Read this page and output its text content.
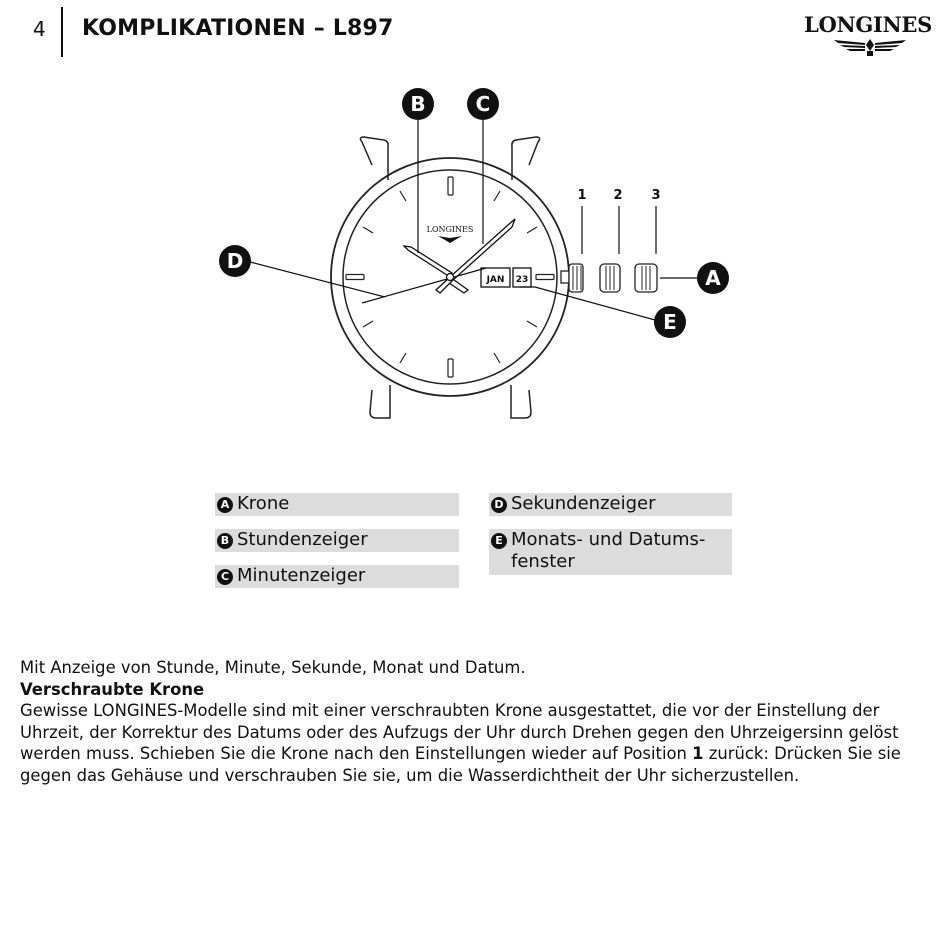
4 KOMPLIKATIONEN – L897	LONGINES
LONGINES
JAN 23
1 2 3
B	C
D
A
E
A Krone
B Stundenzeiger
C Minutenzeiger
D Sekundenzeiger
E Monats- und Datums-fenster

Mit Anzeige von Stunde, Minute, Sekunde, Monat und Datum.

Verschraubte Krone

Gewisse LONGINES-Modelle sind mit einer verschraubten Krone ausgestattet, die vor der Einstellung der Uhrzeit, der Korrektur des Datums oder des Aufzugs der Uhr durch Drehen gegen den Uhrzeigersinn gelöst werden muss. Schieben Sie die Krone nach den Einstellungen wieder auf Position 1 zurück: Drücken Sie sie gegen das Gehäuse und verschrauben Sie sie, um die Wasserdichtheit der Uhr sicherzustellen.
